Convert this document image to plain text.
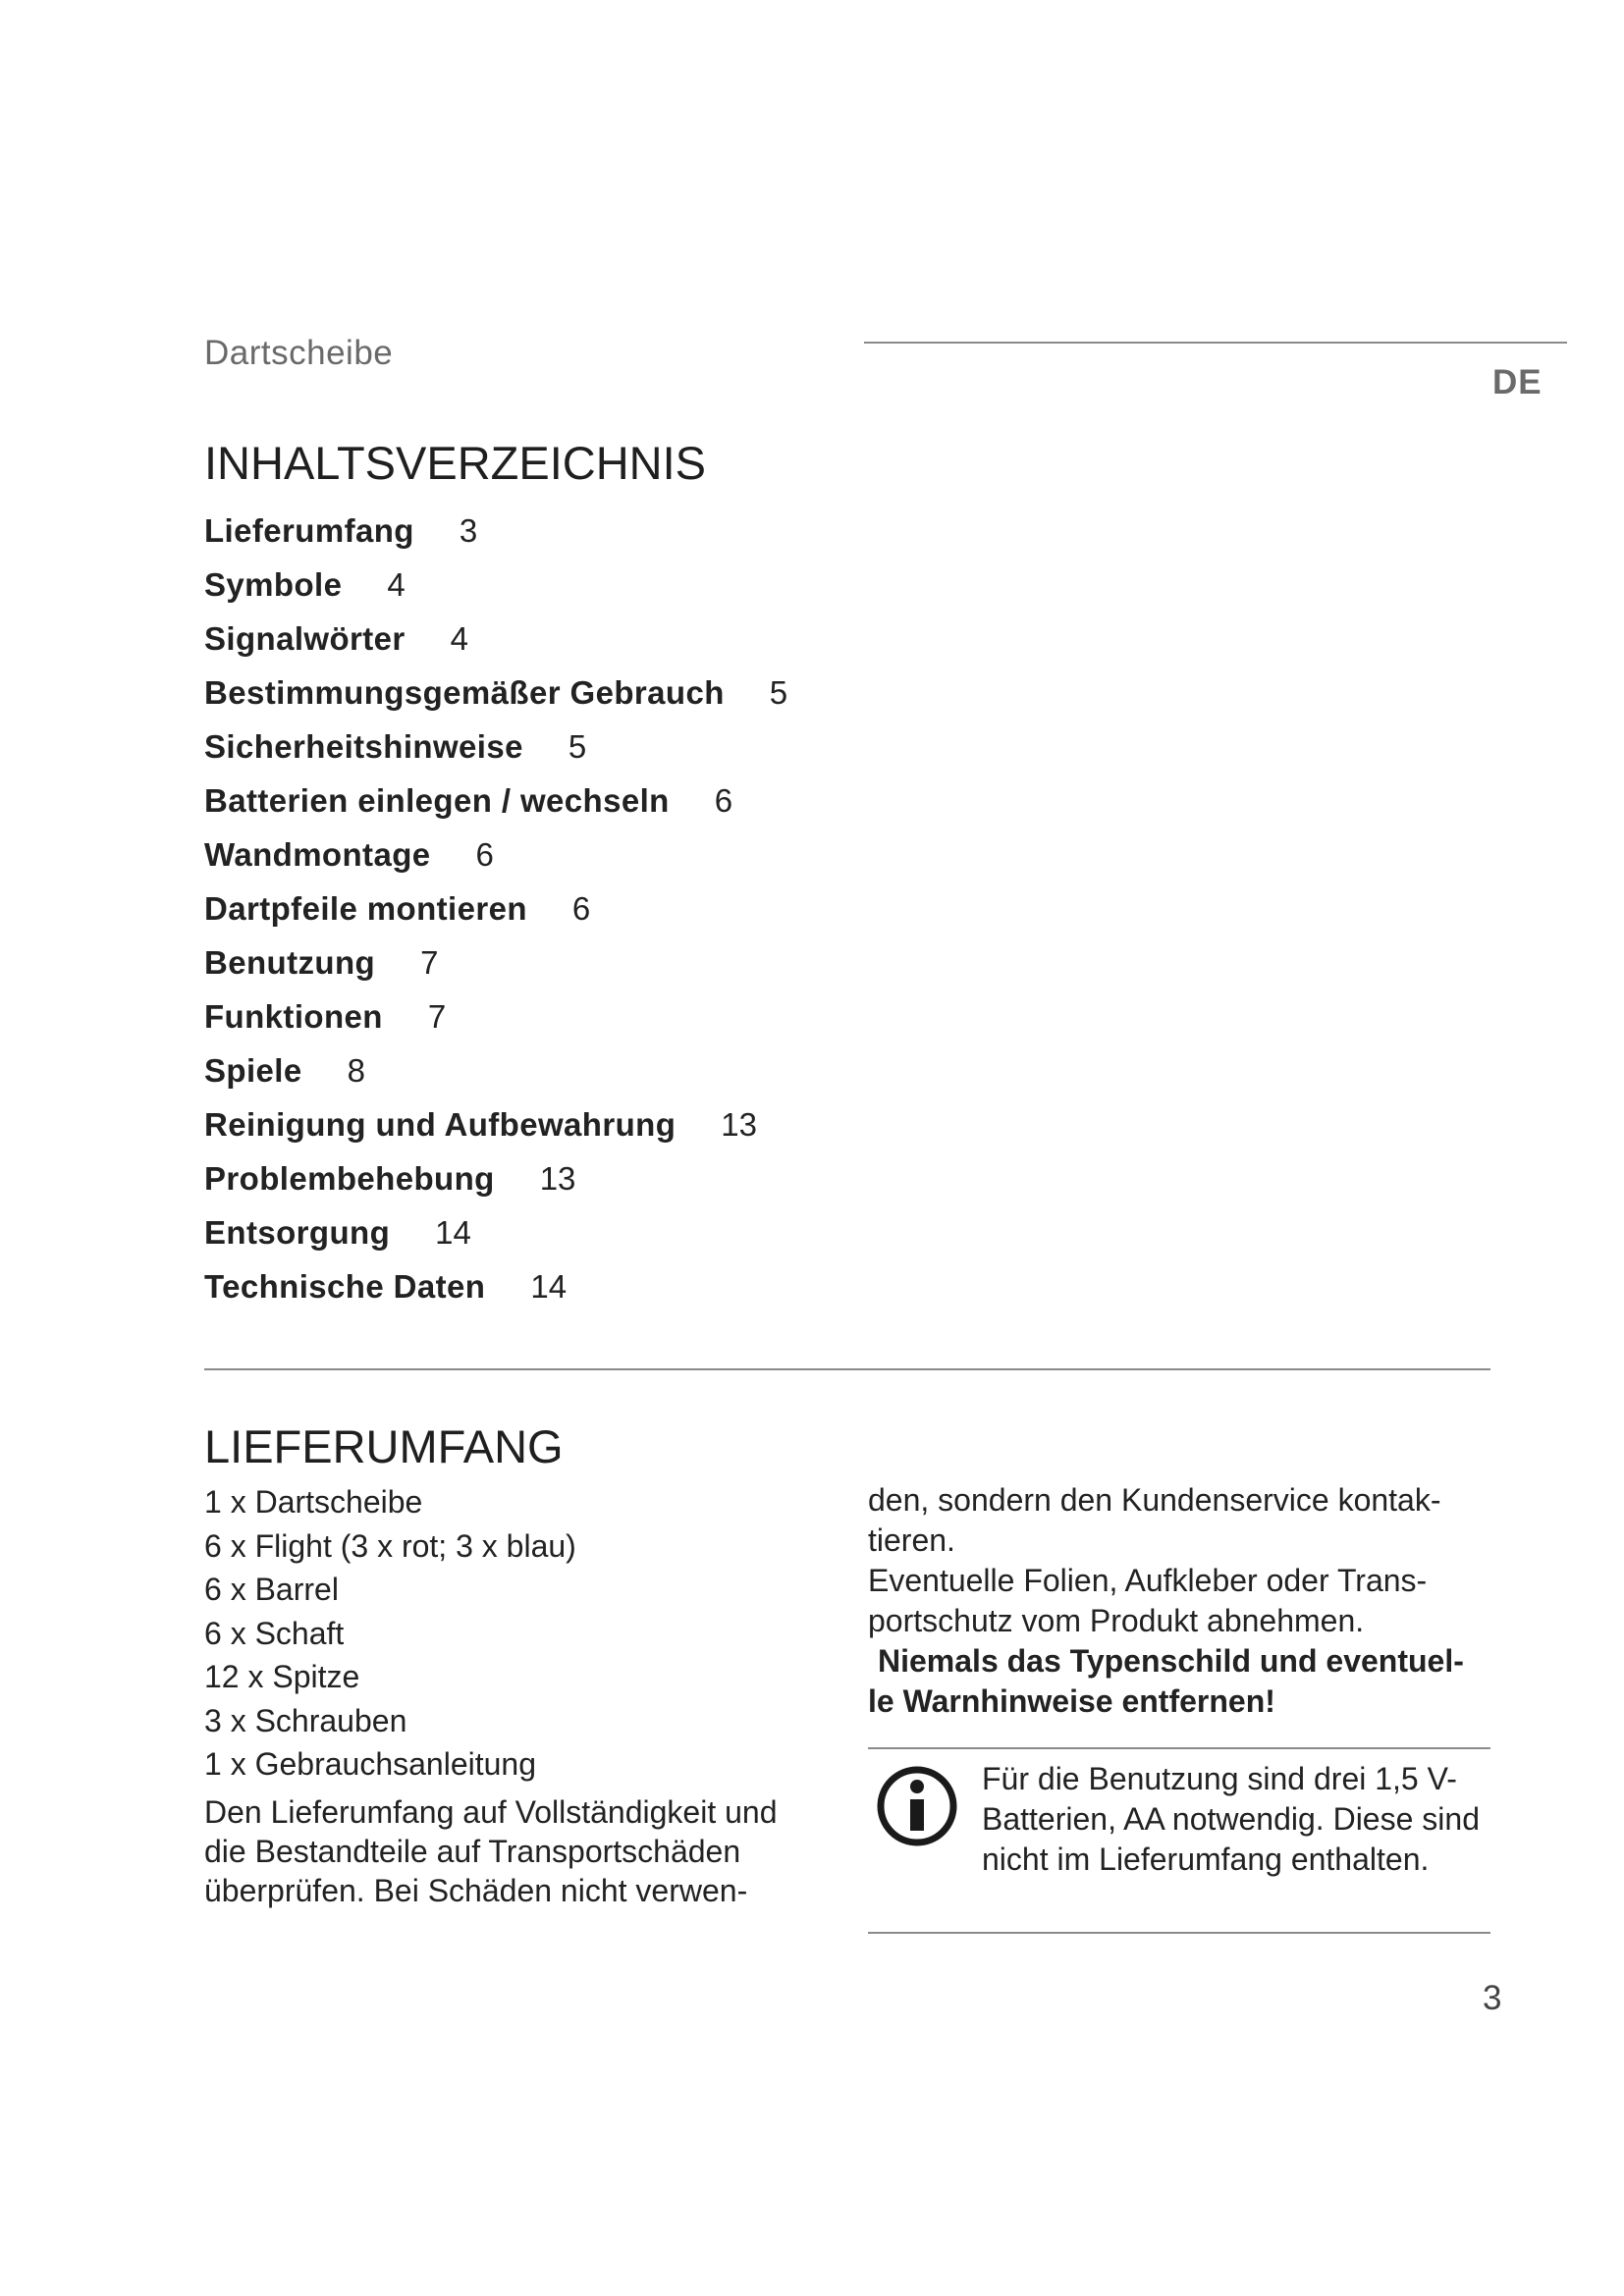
Dartscheibe
DE
INHALTSVERZEICHNIS
Lieferumfang 3
Symbole 4
Signalwörter 4
Bestimmungsgemäßer Gebrauch 5
Sicherheitshinweise 5
Batterien einlegen / wechseln 6
Wandmontage 6
Dartpfeile montieren 6
Benutzung 7
Funktionen 7
Spiele 8
Reinigung und Aufbewahrung 13
Problembehebung 13
Entsorgung 14
Technische Daten 14
LIEFERUMFANG
1 x Dartscheibe
6 x Flight (3 x rot; 3 x blau)
6 x Barrel
6 x Schaft
12 x Spitze
3 x Schrauben
1 x Gebrauchsanleitung
Den Lieferumfang auf Vollständigkeit und die Bestandteile auf Transportschäden überprüfen. Bei Schäden nicht verwen-

den, sondern den Kundenservice kontak- tieren.

Eventuelle Folien, Aufkleber oder Trans- portschutz vom Produkt abnehmen.

Niemals das Typenschild und eventuel-

le Warnhinweise entfernen!

Für die Benutzung sind drei 1,5 V-Batterien, AA notwendig. Diese sind nicht im Lieferumfang enthalten.
3
